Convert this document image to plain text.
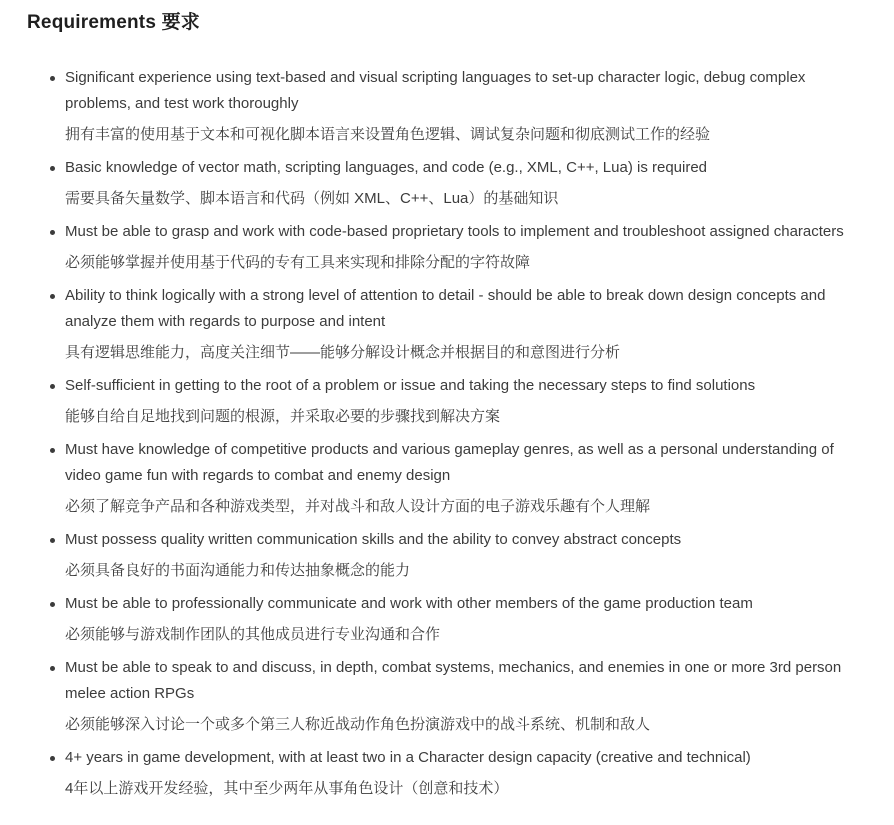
Requirements 要求

Significant experience using text-based and visual scripting languages to set-up character logic, debug complex problems, and test work thoroughly

拥有丰富的使用基于文本和可视化脚本语言来设置角色逻辑、调试复杂问题和彻底测试工作的经验

Basic knowledge of vector math, scripting languages, and code (e.g., XML, C++, Lua) is required

需要具备矢量数学、脚本语言和代码（例如 XML、C++、Lua）的基础知识

Must be able to grasp and work with code-based proprietary tools to implement and troubleshoot assigned characters

必须能够掌握并使用基于代码的专有工具来实现和排除分配的字符故障

Ability to think logically with a strong level of attention to detail - should be able to break down design concepts and analyze them with regards to purpose and intent

具有逻辑思维能力，高度关注细节——能够分解设计概念并根据目的和意图进行分析

Self-sufficient in getting to the root of a problem or issue and taking the necessary steps to find solutions

能够自给自足地找到问题的根源，并采取必要的步骤找到解决方案

Must have knowledge of competitive products and various gameplay genres, as well as a personal understanding of video game fun with regards to combat and enemy design

必须了解竞争产品和各种游戏类型，并对战斗和敌人设计方面的电子游戏乐趣有个人理解

Must possess quality written communication skills and the ability to convey abstract concepts

必须具备良好的书面沟通能力和传达抽象概念的能力

Must be able to professionally communicate and work with other members of the game production team

必须能够与游戏制作团队的其他成员进行专业沟通和合作

Must be able to speak to and discuss, in depth, combat systems, mechanics, and enemies in one or more 3rd person melee action RPGs

必须能够深入讨论一个或多个第三人称近战动作角色扮演游戏中的战斗系统、机制和敌人

4+ years in game development, with at least two in a Character design capacity (creative and technical)

4年以上游戏开发经验，其中至少两年从事角色设计（创意和技术）
